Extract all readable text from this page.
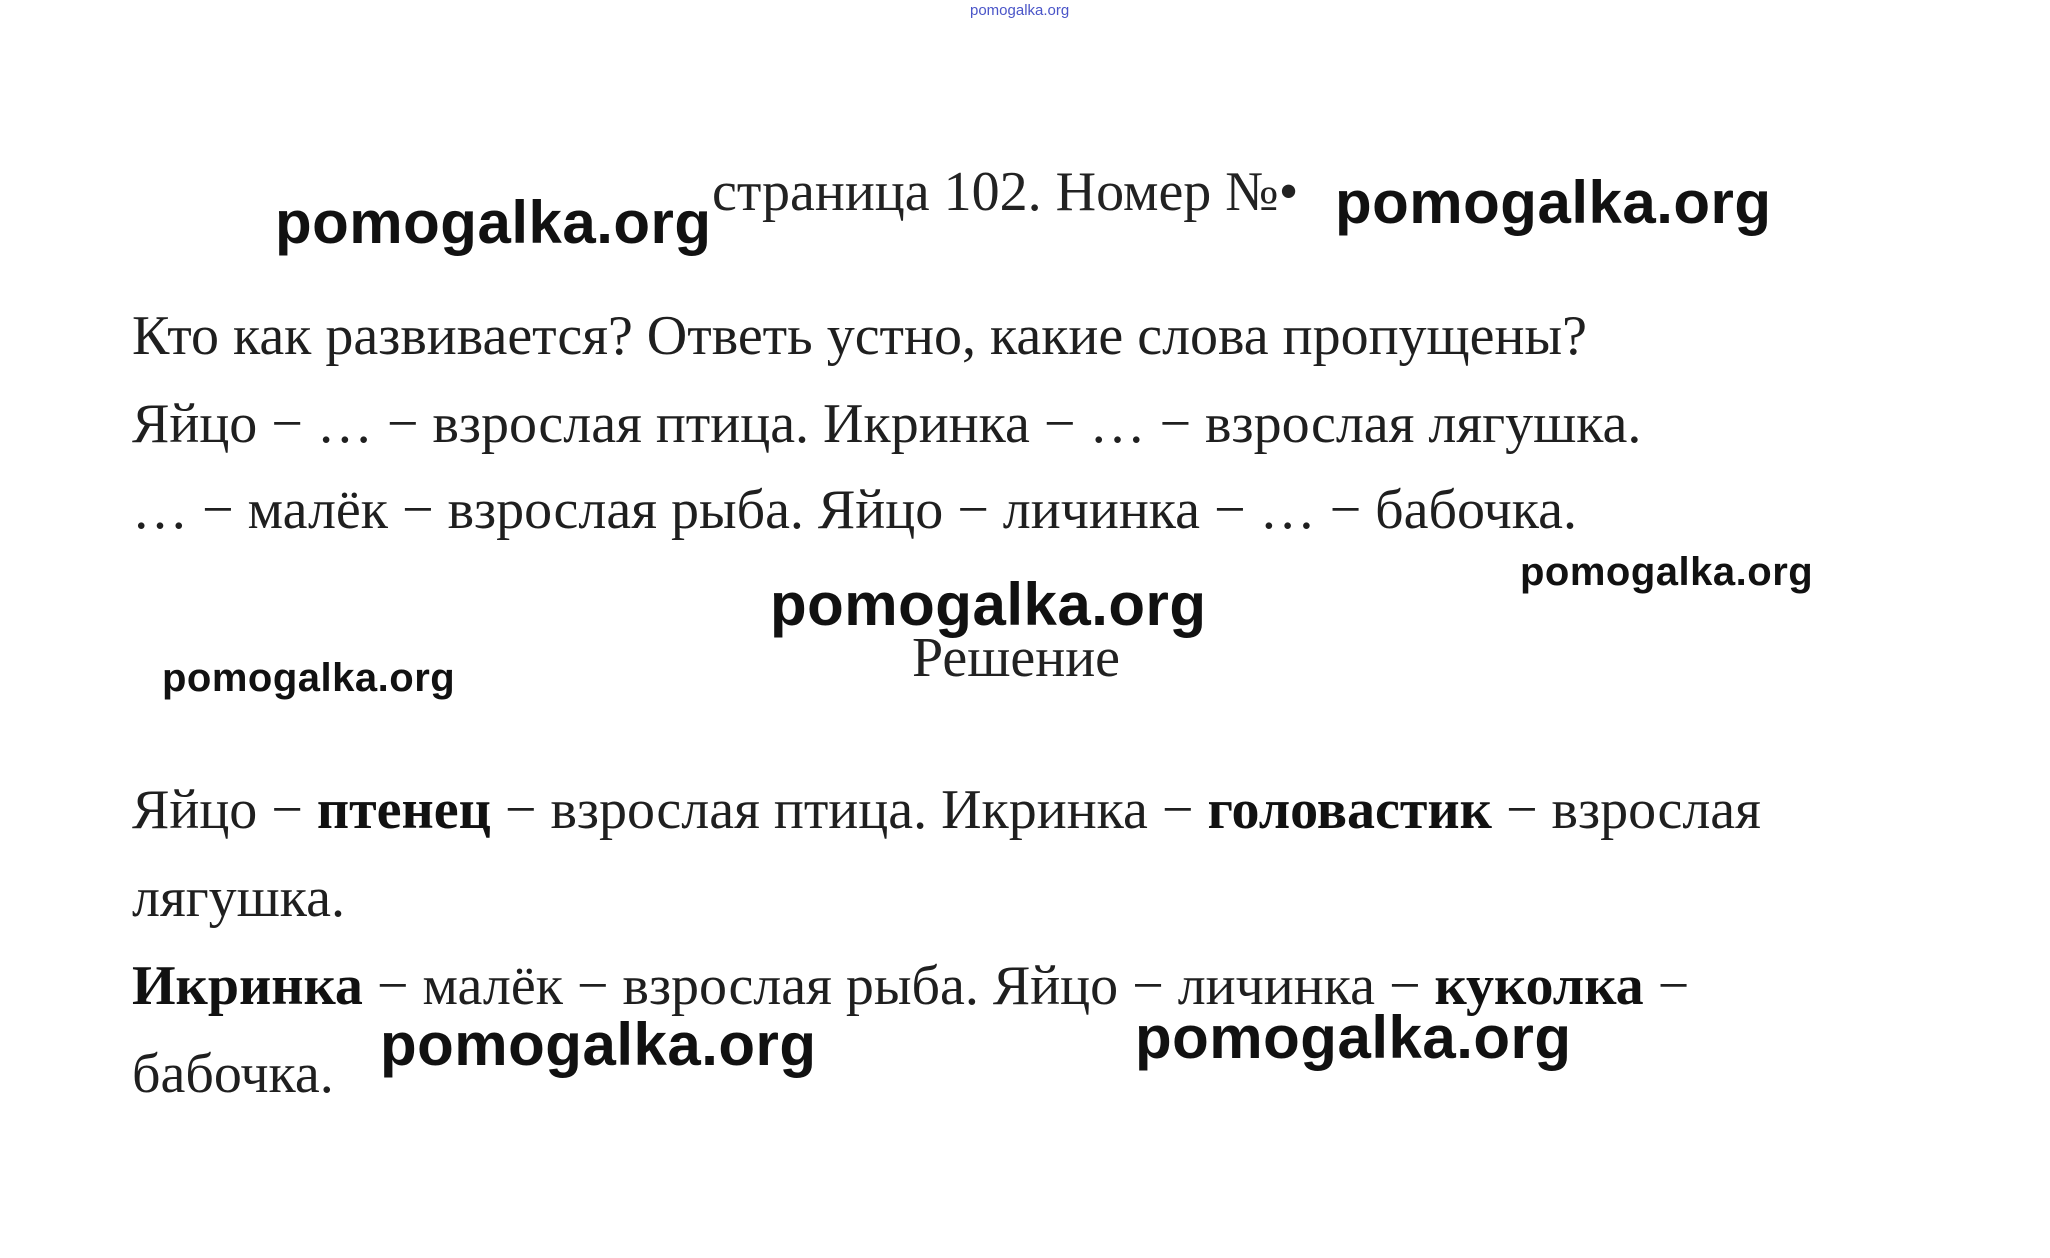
pomogalka.org
pomogalka.org страница 102. Номер №• pomogalka.org
Кто как развивается? Ответь устно, какие слова пропущены?
Яйцо − … − взрослая птица. Икринка − … − взрослая лягушка.
… − малёк − взрослая рыба. Яйцо − личинка − … − бабочка.
pomogalka.org
pomogalka.org
Решение
pomogalka.org
Яйцо − птенец − взрослая птица. Икринка − головастик − взрослая
лягушка.
Икринка − малёк − взрослая рыба. Яйцо − личинка − куколка −
бабочка. pomogalka.org	pomogalka.org
